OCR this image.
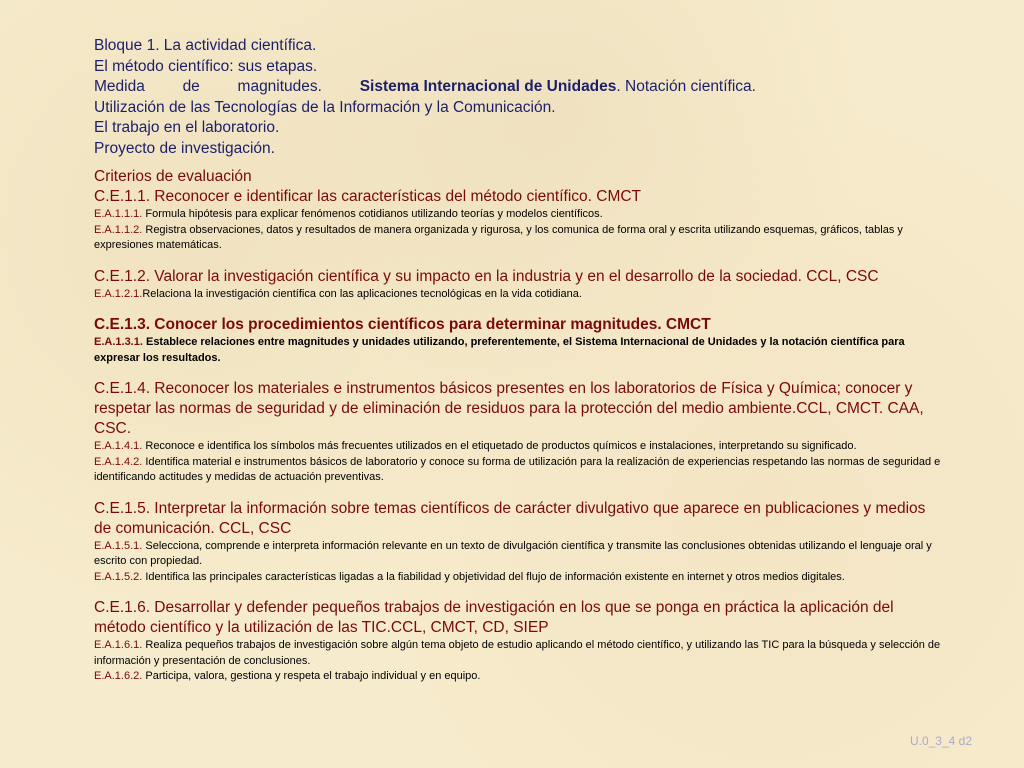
Bloque 1. La actividad científica.
El método científico: sus etapas.
Medida de magnitudes. Sistema Internacional de Unidades. Notación científica.
Utilización de las Tecnologías de la Información y la Comunicación.
El trabajo en el laboratorio.
Proyecto de investigación.
Criterios de evaluación

C.E.1.1. Reconocer e identificar las características del método científico. CMCT

E.A.1.1.1. Formula hipótesis para explicar fenómenos cotidianos utilizando teorías y modelos científicos.

E.A.1.1.2. Registra observaciones, datos y resultados de manera organizada y rigurosa, y los comunica de forma oral y escrita utilizando esquemas, gráficos, tablas y expresiones matemáticas.

C.E.1.2. Valorar la investigación científica y su impacto en la industria y en el desarrollo de la sociedad. CCL, CSC

E.A.1.2.1.Relaciona la investigación científica con las aplicaciones tecnológicas en la vida cotidiana.

C.E.1.3. Conocer los procedimientos científicos para determinar magnitudes. CMCT

E.A.1.3.1. Establece relaciones entre magnitudes y unidades utilizando, preferentemente, el Sistema Internacional de Unidades y la notación científica para expresar los resultados.

C.E.1.4. Reconocer los materiales e instrumentos básicos presentes en los laboratorios de Física y Química; conocer y respetar las normas de seguridad y de eliminación de residuos para la protección del medio ambiente.CCL, CMCT. CAA, CSC.

E.A.1.4.1. Reconoce e identifica los símbolos más frecuentes utilizados en el etiquetado de productos químicos e instalaciones, interpretando su significado.

E.A.1.4.2. Identifica material e instrumentos básicos de laboratorio y conoce su forma de utilización para la realización de experiencias respetando las normas de seguridad e identificando actitudes y medidas de actuación preventivas.

C.E.1.5. Interpretar la información sobre temas científicos de carácter divulgativo que aparece en publicaciones y medios de comunicación. CCL, CSC

E.A.1.5.1. Selecciona, comprende e interpreta información relevante en un texto de divulgación científica y transmite las conclusiones obtenidas utilizando el lenguaje oral y escrito con propiedad.

E.A.1.5.2. Identifica las principales características ligadas a la fiabilidad y objetividad del flujo de información existente en internet y otros medios digitales.

C.E.1.6. Desarrollar y defender pequeños trabajos de investigación en los que se ponga en práctica la aplicación del método científico y la utilización de las TIC.CCL, CMCT, CD, SIEP

E.A.1.6.1. Realiza pequeños trabajos de investigación sobre algún tema objeto de estudio aplicando el método científico, y utilizando las TIC para la búsqueda y selección de información y presentación de conclusiones.

E.A.1.6.2. Participa, valora, gestiona y respeta el trabajo individual y en equipo.

U.0_3_4 d2
